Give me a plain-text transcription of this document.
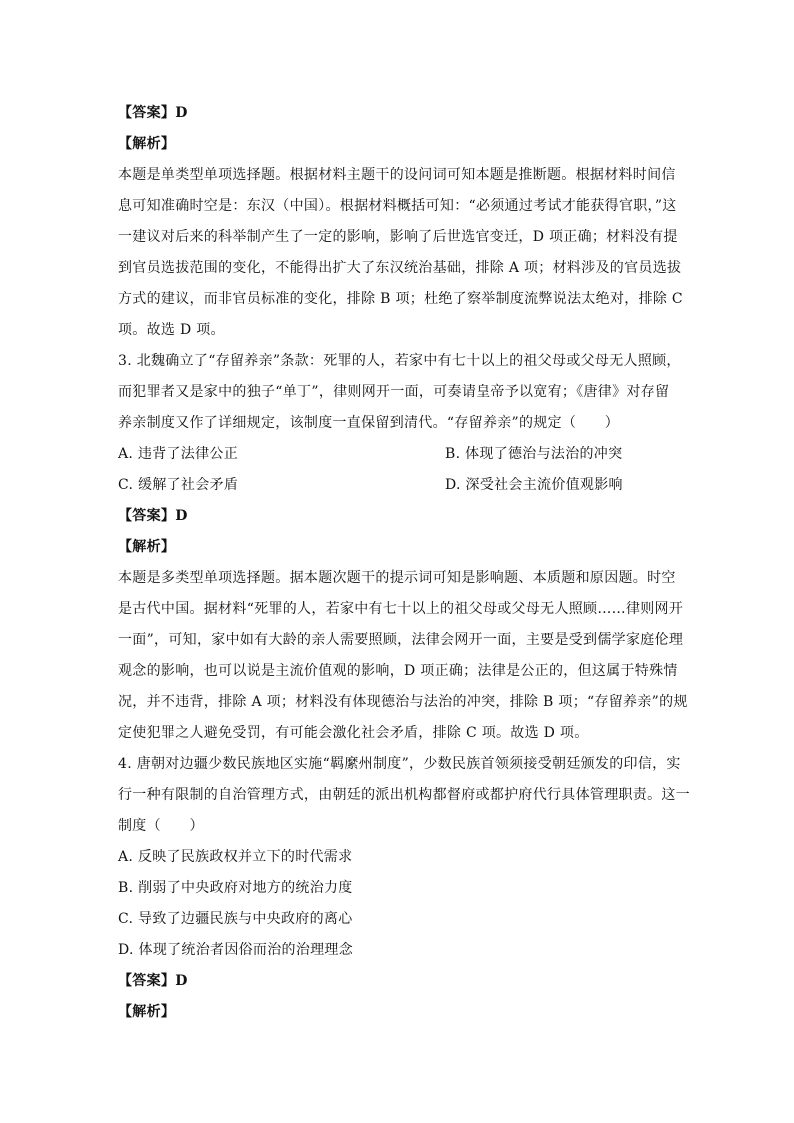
【答案】D
【解析】
本题是单类型单项选择题。根据材料主题干的设问词可知本题是推断题。根据材料时间信
息可知准确时空是：东汉（中国）。根据材料概括可知：“必须通过考试才能获得官职，”这
一建议对后来的科举制产生了一定的影响，影响了后世选官变迁，D 项正确；材料没有提
到官员选拔范围的变化，不能得出扩大了东汉统治基础，排除 A 项；材料涉及的官员选拔
方式的建议，而非官员标准的变化，排除 B 项；杜绝了察举制度流弊说法太绝对，排除 C
项。故选 D 项。
3. 北魏确立了“存留养亲”条款：死罪的人，若家中有七十以上的祖父母或父母无人照顾，
而犯罪者又是家中的独子“单丁”，律则网开一面，可奏请皇帝予以宽宥；《唐律》对存留
养亲制度又作了详细规定，该制度一直保留到清代。“存留养亲”的规定（　　）
A. 违背了法律公正	B. 体现了德治与法治的冲突
C. 缓解了社会矛盾	D. 深受社会主流价值观影响
【答案】D
【解析】
本题是多类型单项选择题。据本题次题干的提示词可知是影响题、本质题和原因题。时空
是古代中国。据材料“死罪的人，若家中有七十以上的祖父母或父母无人照顾……律则网开
一面”，可知，家中如有大龄的亲人需要照顾，法律会网开一面，主要是受到儒学家庭伦理
观念的影响，也可以说是主流价值观的影响，D 项正确；法律是公正的，但这属于特殊情
况，并不违背，排除 A 项；材料没有体现德治与法治的冲突，排除 B 项；“存留养亲”的规
定使犯罪之人避免受罚，有可能会激化社会矛盾，排除 C 项。故选 D 项。
4. 唐朝对边疆少数民族地区实施“羁縻州制度”，少数民族首领须接受朝廷颁发的印信，实
行一种有限制的自治管理方式，由朝廷的派出机构都督府或都护府代行具体管理职责。这一
制度（　　）
A. 反映了民族政权并立下的时代需求
B. 削弱了中央政府对地方的统治力度
C. 导致了边疆民族与中央政府的离心
D. 体现了统治者因俗而治的治理理念
【答案】D
【解析】
